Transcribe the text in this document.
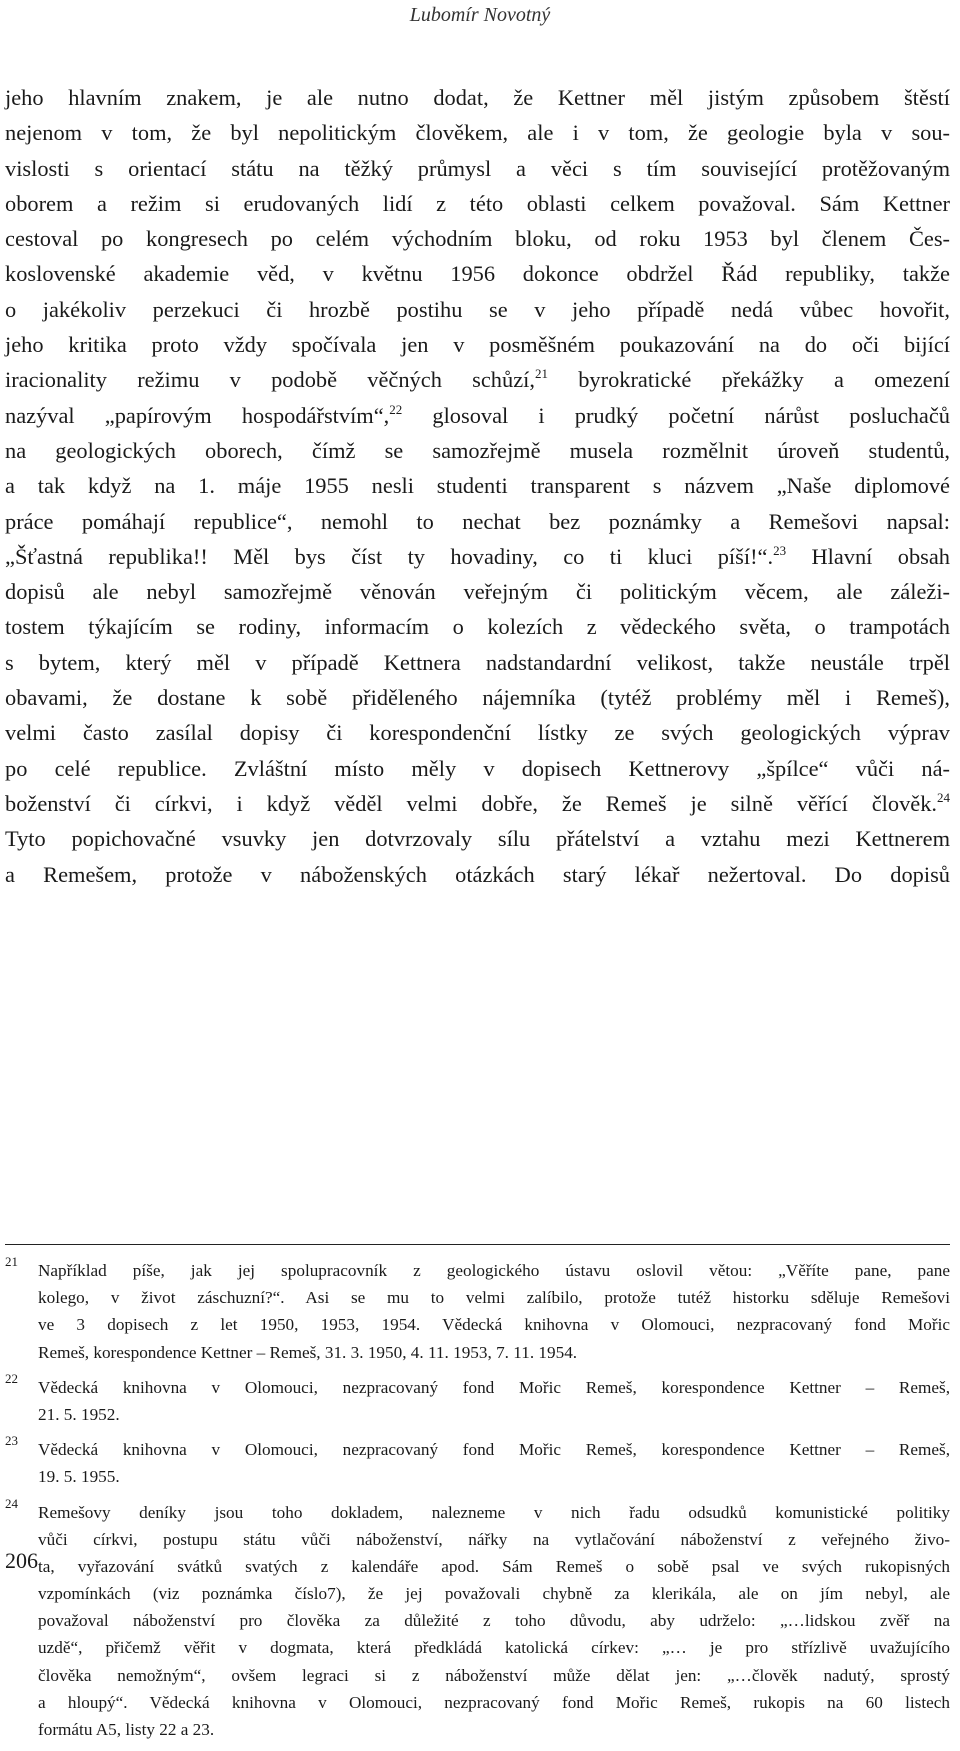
Lubomír Novotný
jeho hlavním znakem, je ale nutno dodat, že Kettner měl jistým způsobem štěstí
nejenom v tom, že byl nepolitickým člověkem, ale i v tom, že geologie byla v sou-
vislosti s orientací státu na těžký průmysl a věci s tím související protěžovaným
oborem a režim si erudovaných lidí z této oblasti celkem považoval. Sám Kettner
cestoval po kongresech po celém východním bloku, od roku 1953 byl členem Čes-
koslovenské akademie věd, v květnu 1956 dokonce obdržel Řád republiky, takže
o jakékoliv perzekuci či hrozbě postihu se v jeho případě nedá vůbec hovořit,
jeho kritika proto vždy spočívala jen v posměšném poukazování na do oči bijící
iracionality režimu v podobě věčných schůzí,$^{21}$ byrokratické překážky a omezení
nazýval „papírovým hospodářstvím“,$^{22}$ glosoval i prudký početní nárůst posluchačů
na geologických oborech, čímž se samozřejmě musela rozmělnit úroveň studentů,
a tak když na 1. máje 1955 nesli studenti transparent s názvem „Naše diplomové
práce pomáhají republice“, nemohl to nechat bez poznámky a Remešovi napsal:
„Šťastná republika!! Měl bys číst ty hovadiny, co ti kluci píší!“.$^{23}$ Hlavní obsah
dopisů ale nebyl samozřejmě věnován veřejným či politickým věcem, ale záleži-
tostem týkajícím se rodiny, informacím o kolezích z vědeckého světa, o trampotách
s bytem, který měl v případě Kettnera nadstandardní velikost, takže neustále trpěl
obavami, že dostane k sobě přiděleného nájemníka (tytéž problémy měl i Remeš),
velmi často zasílal dopisy či korespondenční lístky ze svých geologických výprav
po celé republice. Zvláštní místo měly v dopisech Kettnerovy „špílce“ vůči ná-
boženství či církvi, i když věděl velmi dobře, že Remeš je silně věřící člověk.$^{24}$
Tyto popichovačné vsuvky jen dotvrzovaly sílu přátelství a vztahu mezi Kettnerem
a Remešem, protože v náboženských otázkách starý lékař nežertoval. Do dopisů
21 Například píše, jak jej spolupracovník z geologického ústavu oslovil větou: „Věříte pane, pane
kolego, v život záschuzní?“. Asi se mu to velmi zalíbilo, protože tutéž historku sděluje Remešovi
ve 3 dopisech z let 1950, 1953, 1954. Vědecká knihovna v Olomouci, nezpracovaný fond Mořic
Remeš, korespondence Kettner – Remeš, 31. 3. 1950, 4. 11. 1953, 7. 11. 1954.
22 Vědecká knihovna v Olomouci, nezpracovaný fond Mořic Remeš, korespondence Kettner – Remeš,
21. 5. 1952.
23 Vědecká knihovna v Olomouci, nezpracovaný fond Mořic Remeš, korespondence Kettner – Remeš,
19. 5. 1955.
24 Remešovy deníky jsou toho dokladem, nalezneme v nich řadu odsudků komunistické politiky
vůči církvi, postupu státu vůči náboženství, nářky na vytlačování náboženství z veřejného živo-
ta, vyřazování svátků svatých z kalendáře apod. Sám Remeš o sobě psal ve svých rukopisných
vzpomínkách (viz poznámka číslo7), že jej považovali chybně za klerikála, ale on jím nebyl, ale
považoval náboženství pro člověka za důležité z toho důvodu, aby udrželo: „…lidskou zvěř na
uzdě“, přičemž věřit v dogmata, která předkládá katolická církev: „… je pro střízlivě uvažujícího
člověka nemožným“, ovšem legraci si z náboženství může dělat jen: „…člověk nadutý, sprostý
a hloupý“. Vědecká knihovna v Olomouci, nezpracovaný fond Mořic Remeš, rukopis na 60 listech
formátu A5, listy 22 a 23.
206
